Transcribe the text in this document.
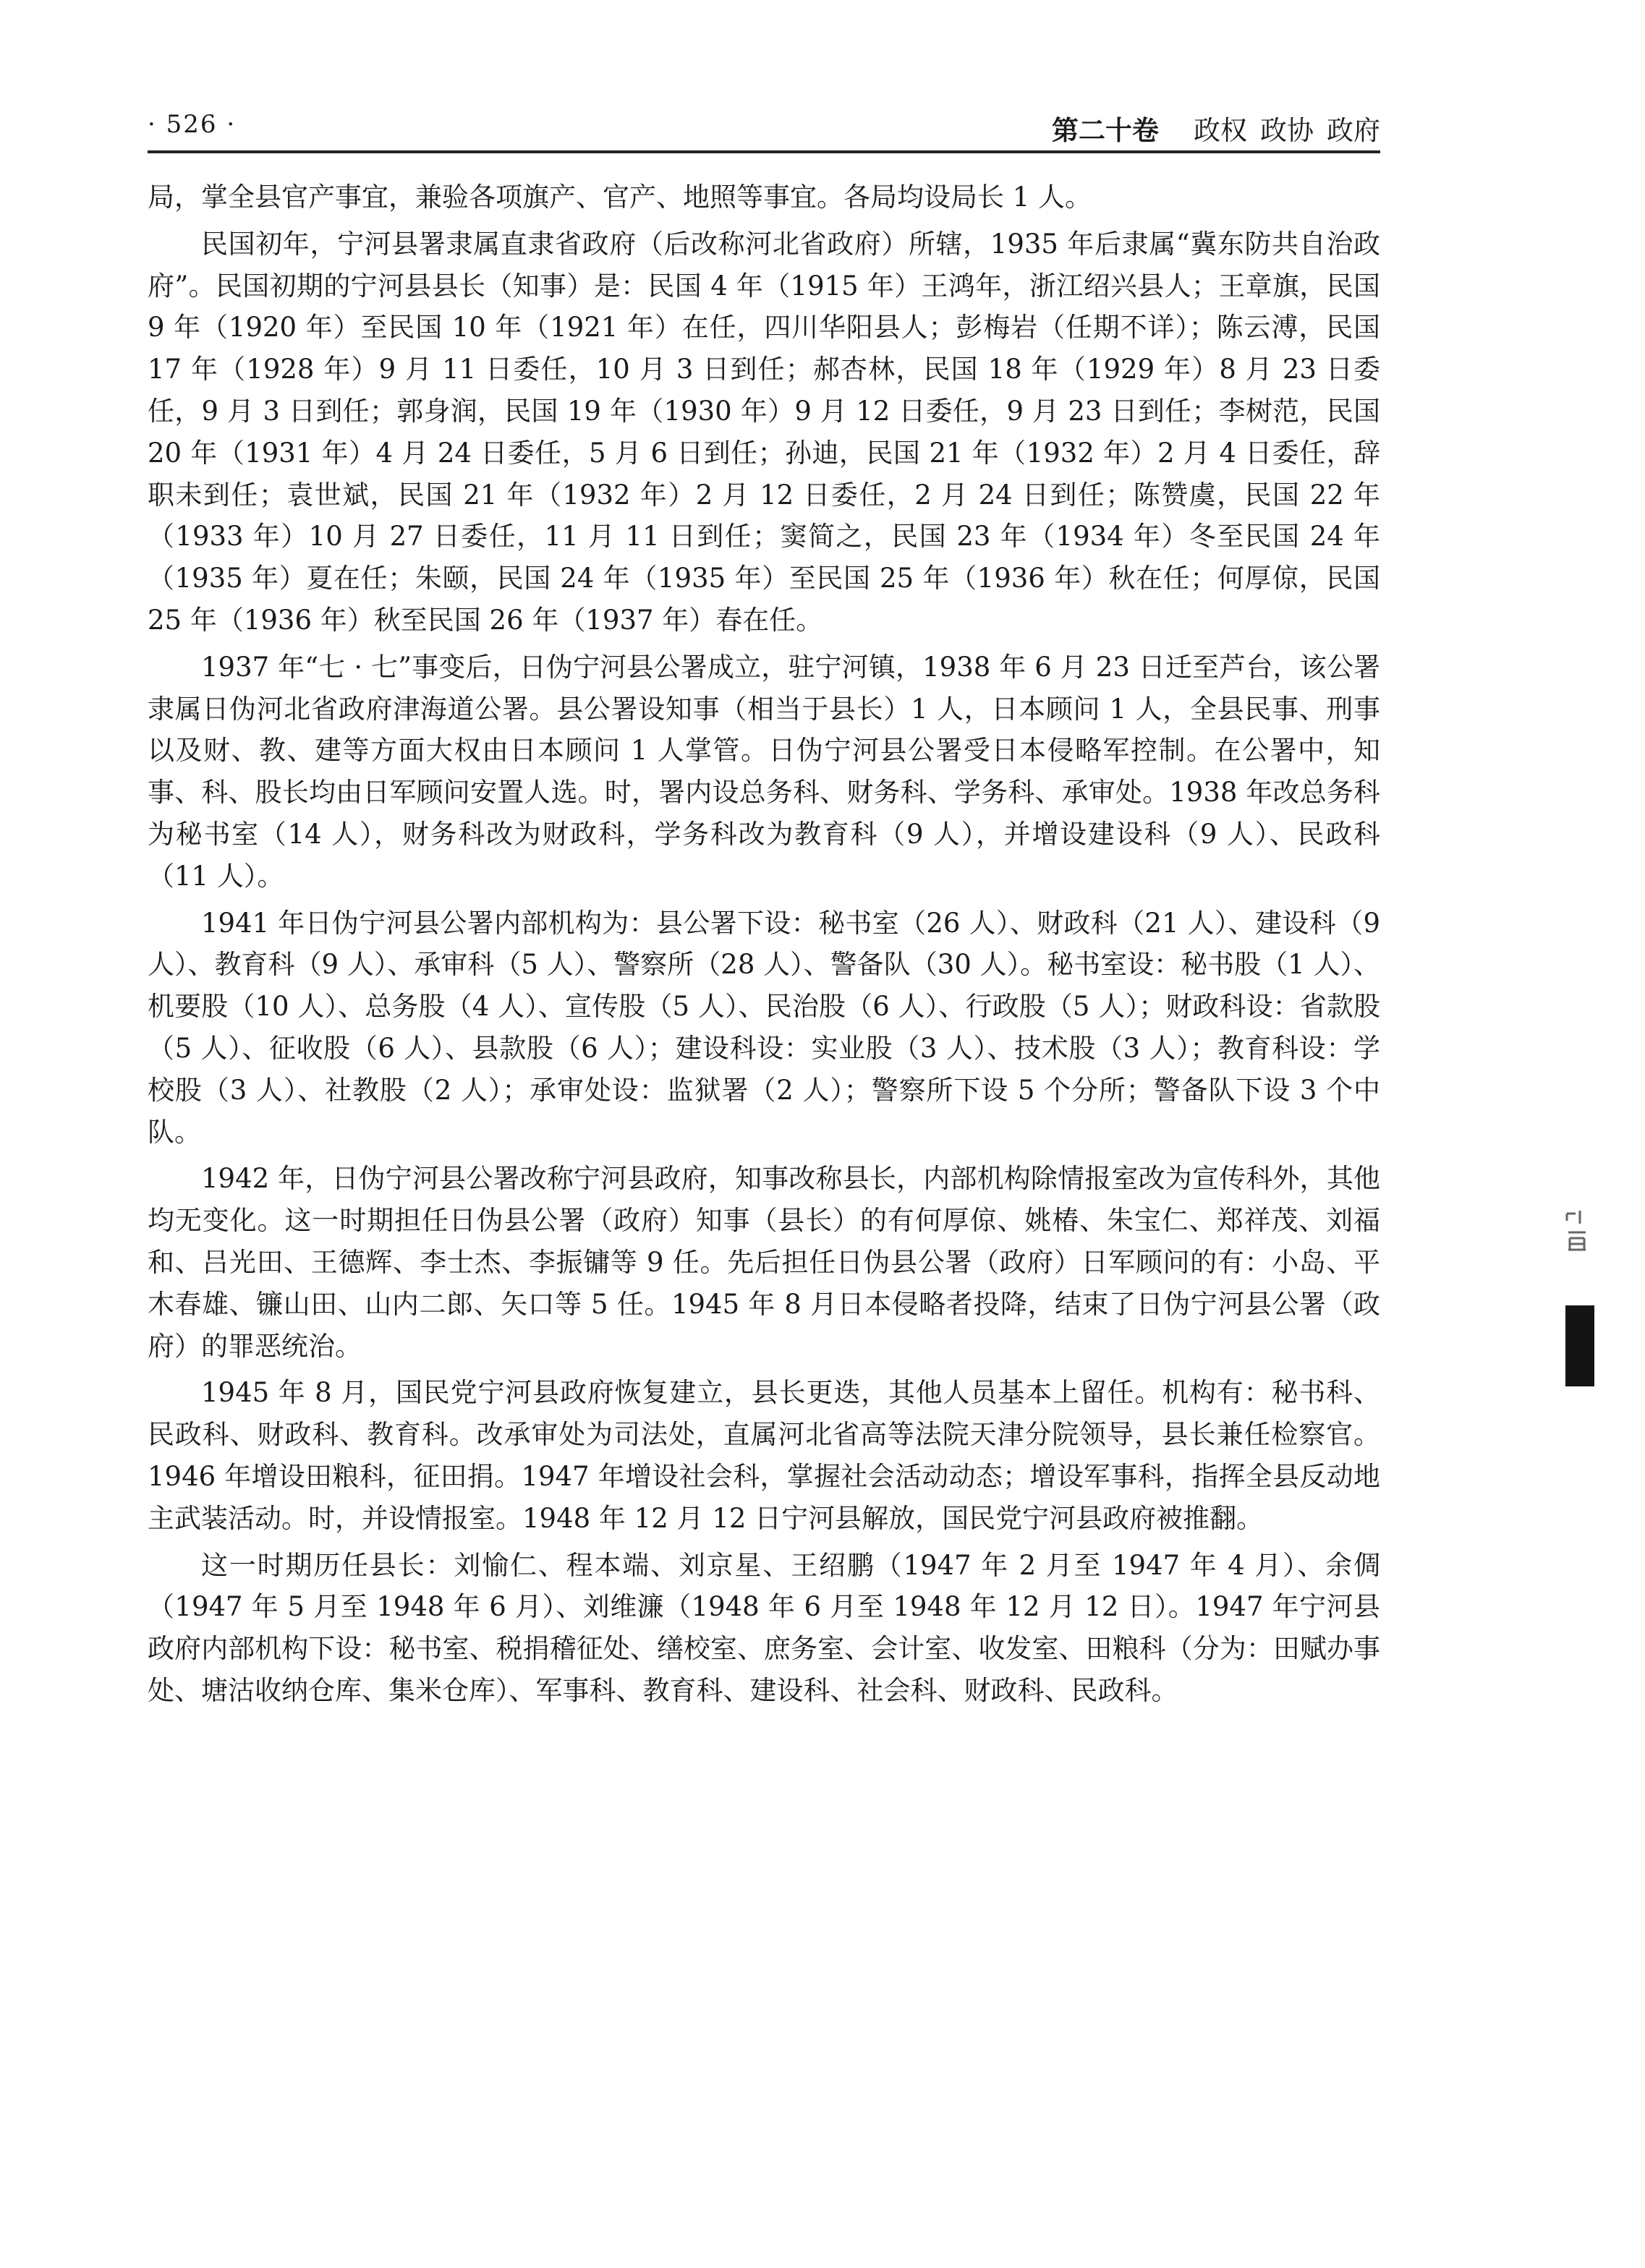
· 526 ·	第二十卷 政权 政协 政府

局，掌全县官产事宜，兼验各项旗产、官产、地照等事宜。各局均设局长 1 人。

民国初年，宁河县署隶属直隶省政府（后改称河北省政府）所辖，1935 年后隶属“冀东防共自治政府”。民国初期的宁河县县长（知事）是：民国 4 年（1915 年）王鸿年，浙江绍兴县人；王章旗，民国 9 年（1920 年）至民国 10 年（1921 年）在任，四川华阳县人；彭梅岩（任期不详）；陈云溥，民国 17 年（1928 年）9 月 11 日委任，10 月 3 日到任；郝杏林，民国 18 年（1929 年）8 月 23 日委任，9 月 3 日到任；郭身润，民国 19 年（1930 年）9 月 12 日委任，9 月 23 日到任；李树范，民国 20 年（1931 年）4 月 24 日委任，5 月 6 日到任；孙迪，民国 21 年（1932 年）2 月 4 日委任，辞职未到任；袁世斌，民国 21 年（1932 年）2 月 12 日委任，2 月 24 日到任；陈赞虞，民国 22 年（1933 年）10 月 27 日委任，11 月 11 日到任；窦简之，民国 23 年（1934 年）冬至民国 24 年（1935 年）夏在任；朱颐，民国 24 年（1935 年）至民国 25 年（1936 年）秋在任；何厚倞，民国 25 年（1936 年）秋至民国 26 年（1937 年）春在任。

1937 年“七 · 七”事变后，日伪宁河县公署成立，驻宁河镇，1938 年 6 月 23 日迁至芦台，该公署隶属日伪河北省政府津海道公署。县公署设知事（相当于县长）1 人，日本顾问 1 人，全县民事、刑事以及财、教、建等方面大权由日本顾问 1 人掌管。日伪宁河县公署受日本侵略军控制。在公署中，知事、科、股长均由日军顾问安置人选。时，署内设总务科、财务科、学务科、承审处。1938 年改总务科为秘书室（14 人），财务科改为财政科，学务科改为教育科（9 人），并增设建设科（9 人）、民政科（11 人）。

1941 年日伪宁河县公署内部机构为：县公署下设：秘书室（26 人）、财政科（21 人）、建设科（9 人）、教育科（9 人）、承审科（5 人）、警察所（28 人）、警备队（30 人）。秘书室设：秘书股（1 人）、机要股（10 人）、总务股（4 人）、宣传股（5 人）、民治股（6 人）、行政股（5 人）；财政科设：省款股（5 人）、征收股（6 人）、县款股（6 人）；建设科设：实业股（3 人）、技术股（3 人）；教育科设：学校股（3 人）、社教股（2 人）；承审处设：监狱署（2 人）；警察所下设 5 个分所；警备队下设 3 个中队。

1942 年，日伪宁河县公署改称宁河县政府，知事改称县长，内部机构除情报室改为宣传科外，其他均无变化。这一时期担任日伪县公署（政府）知事（县长）的有何厚倞、姚椿、朱宝仁、郑祥茂、刘福和、吕光田、王德辉、李士杰、李振镛等 9 任。先后担任日伪县公署（政府）日军顾问的有：小岛、平木春雄、镰山田、山内二郎、矢口等 5 任。1945 年 8 月日本侵略者投降，结束了日伪宁河县公署（政府）的罪恶统治。

1945 年 8 月，国民党宁河县政府恢复建立，县长更迭，其他人员基本上留任。机构有：秘书科、民政科、财政科、教育科。改承审处为司法处，直属河北省高等法院天津分院领导，县长兼任检察官。1946 年增设田粮科，征田捐。1947 年增设社会科，掌握社会活动动态；增设军事科，指挥全县反动地主武装活动。时，并设情报室。1948 年 12 月 12 日宁河县解放，国民党宁河县政府被推翻。

这一时期历任县长：刘愉仁、程本端、刘京星、王绍鹏（1947 年 2 月至 1947 年 4 月）、余倜（1947 年 5 月至 1948 年 6 月）、刘维濂（1948 年 6 月至 1948 年 12 月 12 日）。1947 年宁河县政府内部机构下设：秘书室、税捐稽征处、缮校室、庶务室、会计室、收发室、田粮科（分为：田赋办事处、塘沽收纳仓库、集米仓库）、军事科、教育科、建设科、社会科、财政科、民政科。
